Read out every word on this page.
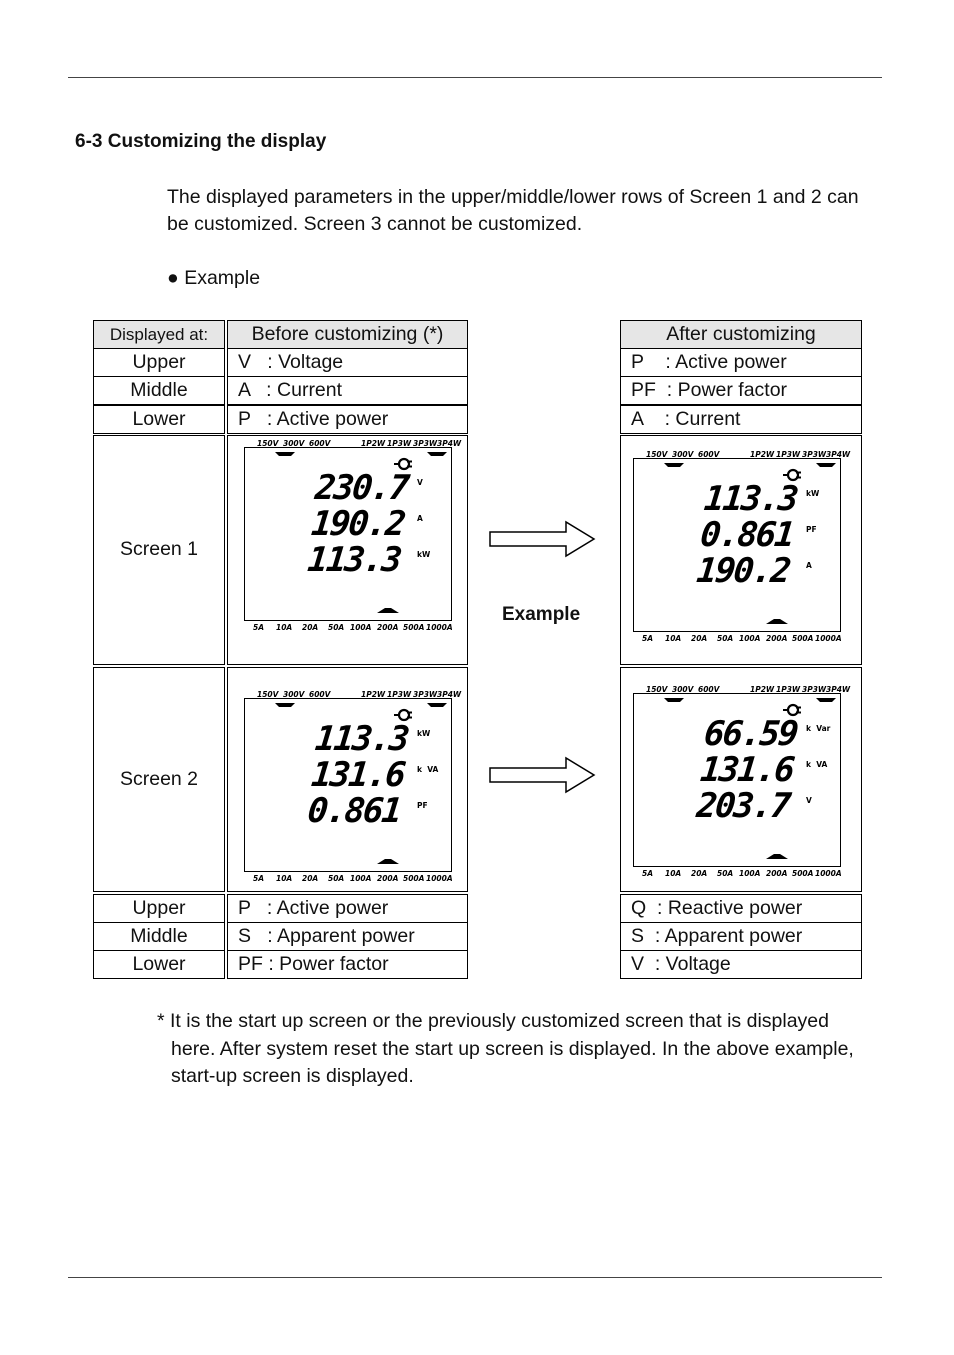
6-3 Customizing the display
The displayed parameters in the upper/middle/lower rows of Screen 1 and 2 can be customized. Screen 3 cannot be customized.
● Example
Displayed at:	Before customizing (*)
Upper	V   : Voltage
Middle	A   : Current
Lower	P   : Active power
Screen 1
Screen 2
Upper	P   : Active power
Middle	S   : Apparent power
Lower	PF : Power factor
After customizing
P    : Active power
PF  : Power factor
A    : Current
Q  : Reactive power
S  : Apparent power
V  : Voltage
150V 300V 600V	1P2W 1P3W 3P3W 3P4W
230.7 V
190.2 A
113.3 kW
5A 10A 20A 50A 100A 200A 500A 1000A
150V 300V 600V	1P2W 1P3W 3P3W 3P4W
113.3 kW
0.861 PF
190.2 A
5A 10A 20A 50A 100A 200A 500A 1000A
150V 300V 600V	1P2W 1P3W 3P3W 3P4W
113.3 kW
131.6 k  VA
0.861 PF
5A 10A 20A 50A 100A 200A 500A 1000A
150V 300V 600V	1P2W 1P3W 3P3W 3P4W
66.59 k  Var
131.6 k  VA
203.7	V
5A 10A 20A 50A 100A 200A 500A 1000A
Example
* It is the start up screen or the previously customized screen that is displayed
here. After system reset the start up screen is displayed. In the above example, start-up screen is displayed.
